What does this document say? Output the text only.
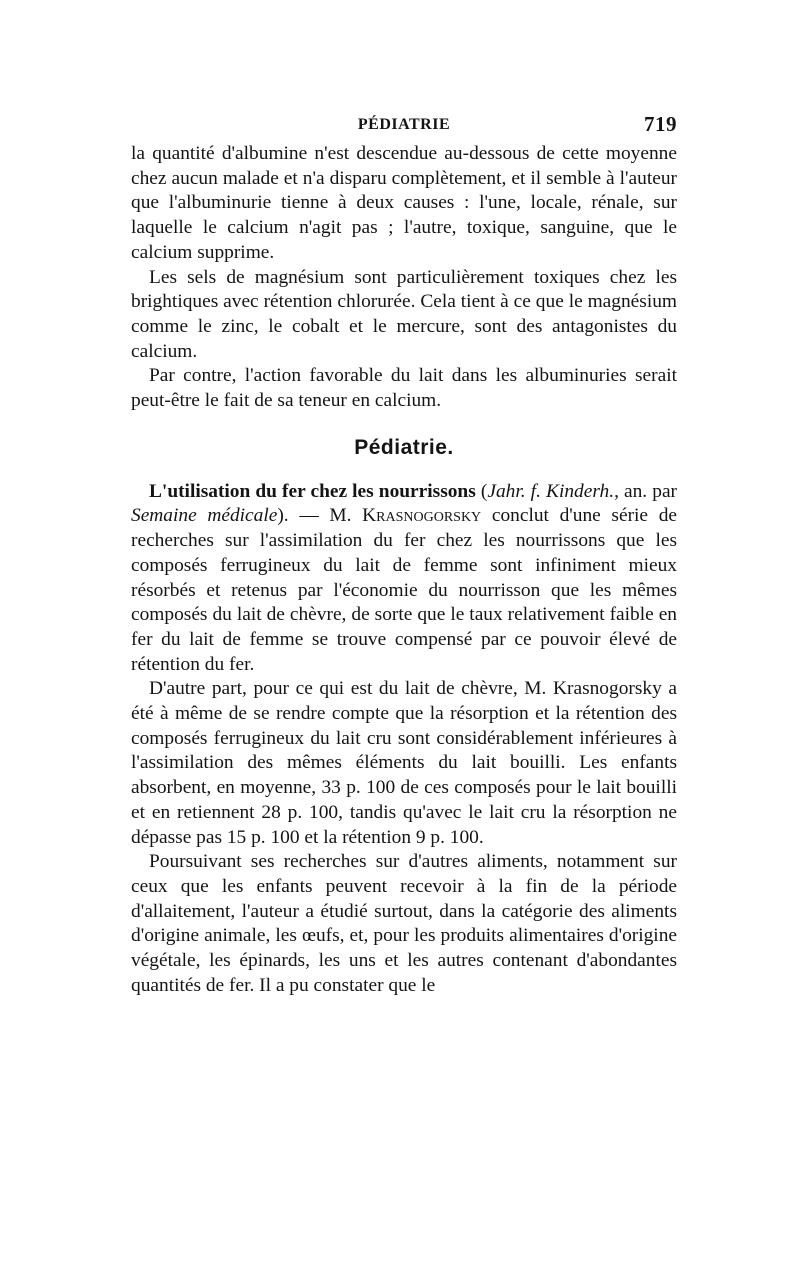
PÉDIATRIE	719

la quantité d'albumine n'est descendue au-dessous de cette moyenne chez aucun malade et n'a disparu complètement, et il semble à l'auteur que l'albuminurie tienne à deux causes : l'une, locale, rénale, sur laquelle le calcium n'agit pas ; l'autre, toxique, sanguine, que le calcium supprime.

Les sels de magnésium sont particulièrement toxiques chez les brightiques avec rétention chlorurée. Cela tient à ce que le magnésium comme le zinc, le cobalt et le mercure, sont des antagonistes du calcium.

Par contre, l'action favorable du lait dans les albuminuries serait peut-être le fait de sa teneur en calcium.

Pédiatrie.

L'utilisation du fer chez les nourrissons (Jahr. f. Kinderh., an. par Semaine médicale). — M. Krasnogorsky conclut d'une série de recherches sur l'assimilation du fer chez les nourrissons que les composés ferrugineux du lait de femme sont infiniment mieux résorbés et retenus par l'économie du nourrisson que les mêmes composés du lait de chèvre, de sorte que le taux relativement faible en fer du lait de femme se trouve compensé par ce pouvoir élevé de rétention du fer.

D'autre part, pour ce qui est du lait de chèvre, M. Krasnogorsky a été à même de se rendre compte que la résorption et la rétention des composés ferrugineux du lait cru sont considérablement inférieures à l'assimilation des mêmes éléments du lait bouilli. Les enfants absorbent, en moyenne, 33 p. 100 de ces composés pour le lait bouilli et en retiennent 28 p. 100, tandis qu'avec le lait cru la résorption ne dépasse pas 15 p. 100 et la rétention 9 p. 100.

Poursuivant ses recherches sur d'autres aliments, notamment sur ceux que les enfants peuvent recevoir à la fin de la période d'allaitement, l'auteur a étudié surtout, dans la catégorie des aliments d'origine animale, les œufs, et, pour les produits alimentaires d'origine végétale, les épinards, les uns et les autres contenant d'abondantes quantités de fer. Il a pu constater que le
